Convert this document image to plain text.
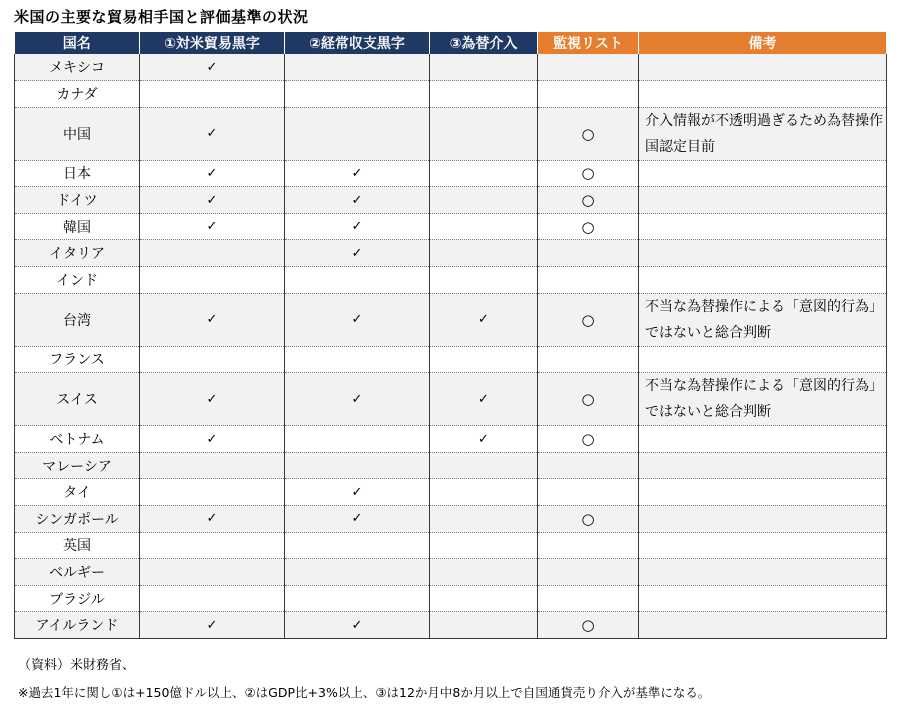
米国の主要な貿易相手国と評価基準の状況
国名	①対米貿易黒字	②経常収支黒字	③為替介入	監視リスト	備考
メキシコ	✓				
カナダ					
中国	✓			○	介入情報が不透明過ぎるため為替操作国認定目前
日本	✓	✓		○	
ドイツ	✓	✓		○	
韓国	✓	✓		○	
イタリア		✓			
インド					
台湾	✓	✓	✓	○	不当な為替操作による「意図的行為」ではないと総合判断
フランス					
スイス	✓	✓	✓	○	不当な為替操作による「意図的行為」ではないと総合判断
ベトナム	✓		✓	○	
マレーシア					
タイ		✓			
シンガポール	✓	✓		○	
英国					
ベルギー					
ブラジル					
アイルランド	✓	✓		○	
（資料）米財務省、
※過去1年に関し①は+150億ドル以上、②はGDP比+3%以上、③は12か月中8か月以上で自国通貨売り介入が基準になる。
